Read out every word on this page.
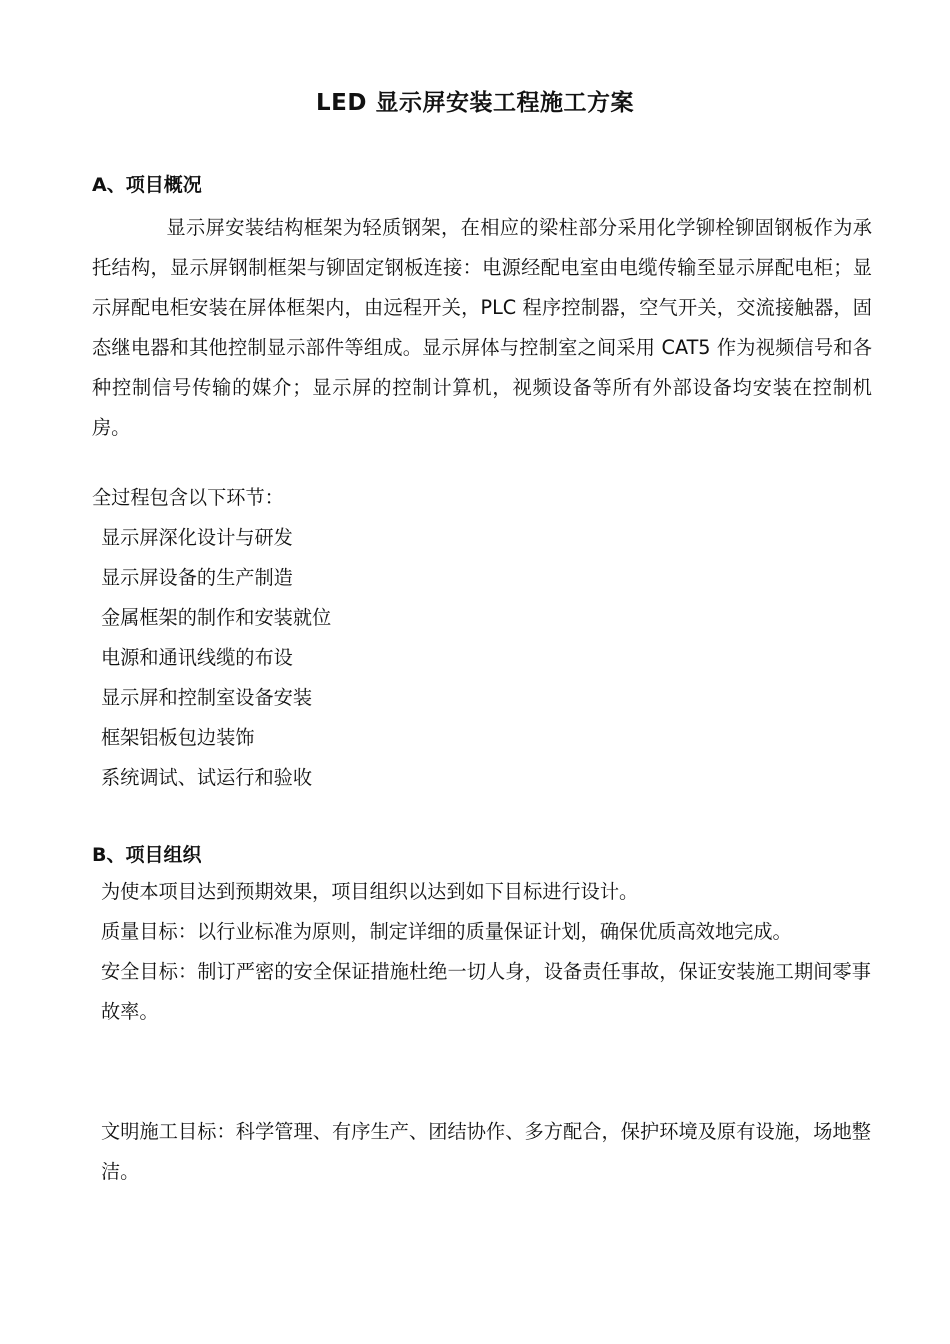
LED 显示屏安装工程施工方案
A、项目概况
显示屏安装结构框架为轻质钢架，在相应的梁柱部分采用化学铆栓铆固钢板作为承托结构，显示屏钢制框架与铆固定钢板连接：电源经配电室由电缆传输至显示屏配电柜；显示屏配电柜安装在屏体框架内，由远程开关，PLC 程序控制器，空气开关，交流接触器，固态继电器和其他控制显示部件等组成。显示屏体与控制室之间采用 CAT5 作为视频信号和各种控制信号传输的媒介；显示屏的控制计算机，视频设备等所有外部设备均安装在控制机房。
全过程包含以下环节：
显示屏深化设计与研发
显示屏设备的生产制造
金属框架的制作和安装就位
电源和通讯线缆的布设
显示屏和控制室设备安装
框架铝板包边装饰
系统调试、试运行和验收
B、项目组织
为使本项目达到预期效果，项目组织以达到如下目标进行设计。
质量目标：以行业标准为原则，制定详细的质量保证计划，确保优质高效地完成。
安全目标：制订严密的安全保证措施杜绝一切人身，设备责任事故，保证安装施工期间零事故率。
文明施工目标：科学管理、有序生产、团结协作、多方配合，保护环境及原有设施，场地整洁。
